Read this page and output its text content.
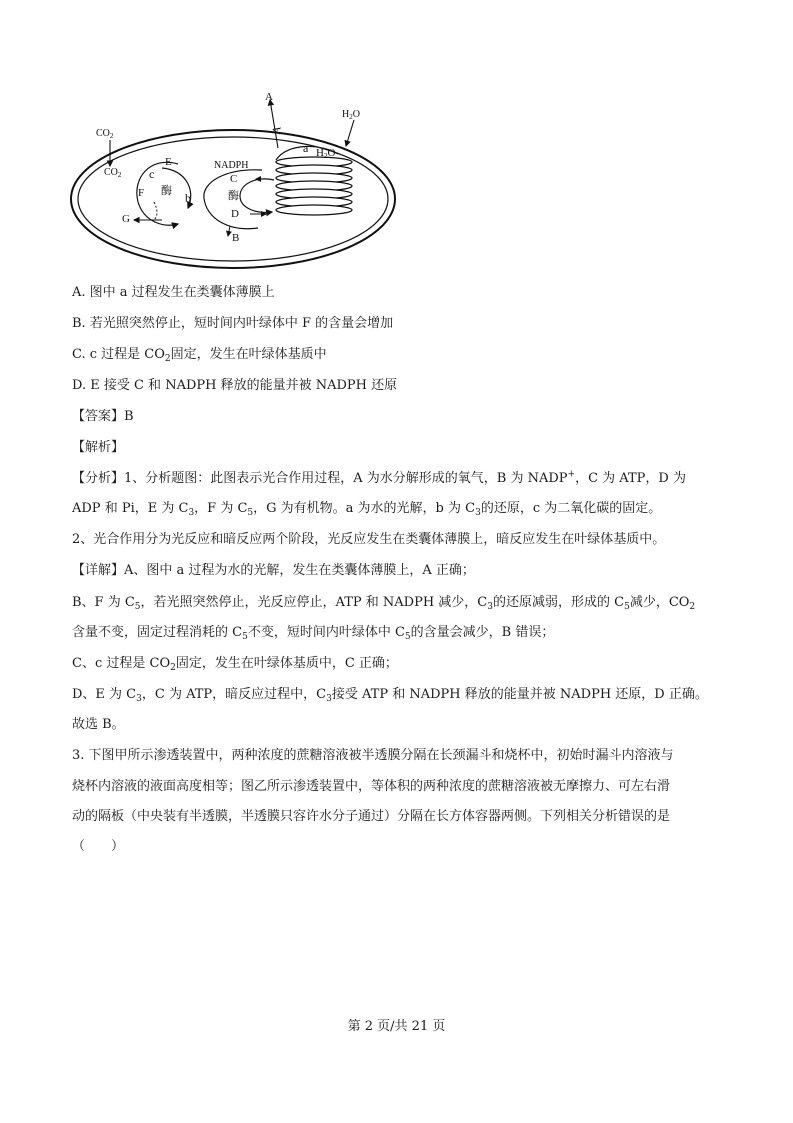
A
A
$H_2O$
a H2O
$CO_2$
$CO_2$
E
c
F 酶 b
G
NADPH
C
酶
D
B
A. 图中 a 过程发生在类囊体薄膜上
B. 若光照突然停止，短时间内叶绿体中 F 的含量会增加
C. c 过程是 $CO_2$固定，发生在叶绿体基质中
D. E 接受 C 和 NADPH 释放的能量并被 NADPH 还原
【答案】B
【解析】
【分析】1、分析题图：此图表示光合作用过程，A 为水分解形成的氧气，B 为 NADP+，C 为 ATP，D 为
ADP 和 Pi，E 为 $C_3$，F 为 $C_5$，G 为有机物。a 为水的光解，b 为 $C_3$的还原，c 为二氧化碳的固定。
2、光合作用分为光反应和暗反应两个阶段，光反应发生在类囊体薄膜上，暗反应发生在叶绿体基质中。
【详解】A、图中 a 过程为水的光解，发生在类囊体薄膜上，A 正确；
B、F 为 $C_5$，若光照突然停止，光反应停止，ATP 和 NADPH 减少，$C_3$的还原减弱，形成的 $C_5$减少，$CO_2$
含量不变，固定过程消耗的 $C_5$不变，短时间内叶绿体中 $C_5$的含量会减少，B 错误；
C、c 过程是 $CO_2$固定，发生在叶绿体基质中，C 正确；
D、E 为 $C_3$，C 为 ATP，暗反应过程中，$C_3$接受 ATP 和 NADPH 释放的能量并被 NADPH 还原，D 正确。
故选 B。
3. 下图甲所示渗透装置中，两种浓度的蔗糖溶液被半透膜分隔在长颈漏斗和烧杯中，初始时漏斗内溶液与
烧杯内溶液的液面高度相等；图乙所示渗透装置中，等体积的两种浓度的蔗糖溶液被无摩擦力、可左右滑
动的隔板（中央装有半透膜，半透膜只容许水分子通过）分隔在长方体容器两侧。下列相关分析错误的是
（　　）
第 2 页/共 21 页
